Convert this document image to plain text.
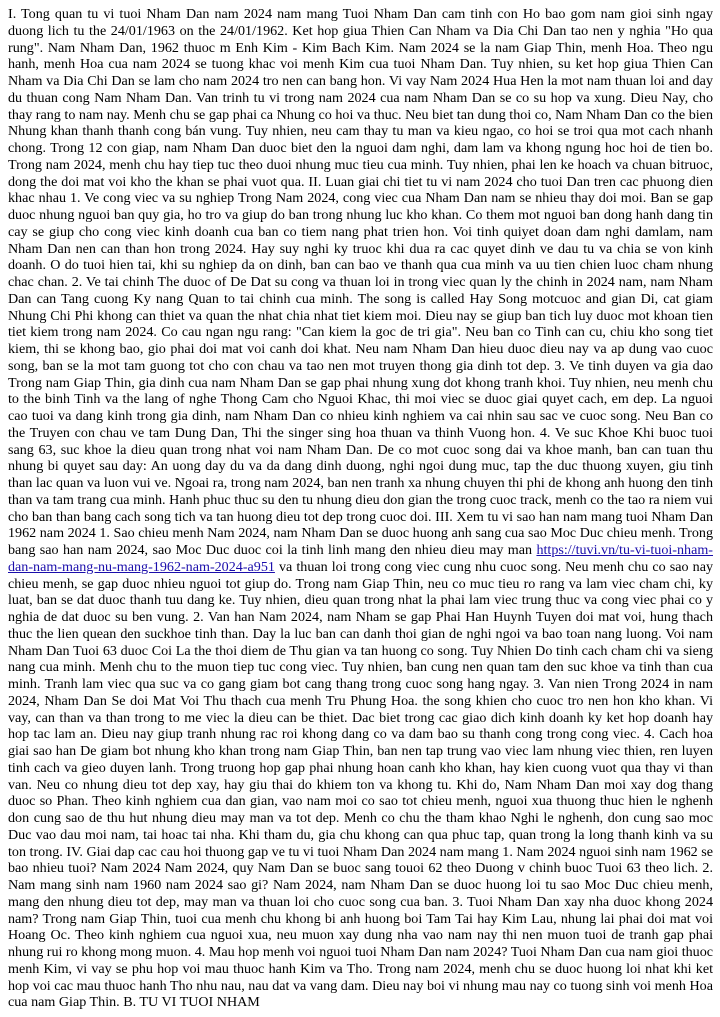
I. Tong quan tu vi tuoi Nham Dan nam 2024 nam mang Tuoi Nham Dan cam tinh con Ho bao gom nam gioi sinh ngay duong lich tu the 24/01/1963 on the 24/01/1962. Ket hop giua Thien Can Nham va Dia Chi Dan tao nen y nghia "Ho qua rung". Nam Nham Dan, 1962 thuoc m Enh Kim - Kim Bach Kim. Nam 2024 se la nam Giap Thin, menh Hoa. Theo ngu hanh, menh Hoa cua nam 2024 se tuong khac voi menh Kim cua tuoi Nham Dan. Tuy nhien, su ket hop giua Thien Can Nham va Dia Chi Dan se lam cho nam 2024 tro nen can bang hon. Vi vay Nam 2024 Hua Hen la mot nam thuan loi and day du thuan cong Nam Nham Dan. Van trinh tu vi trong nam 2024 cua nam Nham Dan se co su hop va xung. Dieu Nay, cho thay rang to nam nay. Menh chu se gap phai ca Nhung co hoi va thuc. Neu biet tan dung thoi co, Nam Nham Dan co the bien Nhung khan thanh thanh cong bán vung. Tuy nhien, neu cam thay tu man va kieu ngao, co hoi se troi qua mot cach nhanh chong. Trong 12 con giap, nam Nham Dan duoc biet den la nguoi dam nghi, dam lam va khong ngung hoc hoi de tien bo. Trong nam 2024, menh chu hay tiep tuc theo duoi nhung muc tieu cua minh. Tuy nhien, phai len ke hoach va chuan bitruoc, dong the doi mat voi kho the khan se phai vuot qua. II. Luan giai chi tiet tu vi nam 2024 cho tuoi Dan tren cac phuong dien khac nhau 1. Ve cong viec va su nghiep Trong Nam 2024, cong viec cua Nham Dan nam se nhieu thay doi moi. Ban se gap duoc nhung nguoi ban quy gia, ho tro va giup do ban trong nhung luc kho khan. Co them mot nguoi ban dong hanh dang tin cay se giup cho cong viec kinh doanh cua ban co tiem nang phat trien hon. Voi tinh quiyet doan dam nghi damlam, nam Nham Dan nen can than hon trong 2024. Hay suy nghi ky truoc khi dua ra cac quyet dinh ve dau tu va chia se von kinh doanh. O do tuoi hien tai, khi su nghiep da on dinh, ban can bao ve thanh qua cua minh va uu tien chien luoc cham nhung chac chan. 2. Ve tai chinh The duoc of De Dat su cong va thuan loi in trong viec quan ly the chinh in 2024 nam, nam Nham Dan can Tang cuong Ky nang Quan to tai chinh cua minh. The song is called Hay Song motcuoc and gian Di, cat giam Nhung Chi Phi khong can thiet va quan the nhat chia nhat tiet kiem moi. Dieu nay se giup ban tich luy duoc mot khoan tien tiet kiem trong nam 2024. Co cau ngan ngu rang: "Can kiem la goc de tri gia". Neu ban co Tinh can cu, chiu kho song tiet kiem, thi se khong bao, gio phai doi mat voi canh doi khat. Neu nam Nham Dan hieu duoc dieu nay va ap dung vao cuoc song, ban se la mot tam guong tot cho con chau va tao nen mot truyen thong gia dinh tot dep. 3. Ve tinh duyen va gia dao Trong nam Giap Thin, gia dinh cua nam Nham Dan se gap phai nhung xung dot khong tranh khoi. Tuy nhien, neu menh chu to the binh Tinh va the lang of nghe Thong Cam cho Nguoi Khac, thi moi viec se duoc giai quyet cach, em dep. La nguoi cao tuoi va dang kinh trong gia dinh, nam Nham Dan co nhieu kinh nghiem va cai nhin sau sac ve cuoc song. Neu Ban co the Truyen con chau ve tam Dung Dan, Thi the singer sing hoa thuan va thinh Vuong hon. 4. Ve suc Khoe Khi buoc tuoi sang 63, suc khoe la dieu quan trong nhat voi nam Nham Dan. De co mot cuoc song dai va khoe manh, ban can tuan thu nhung bi quyet sau day: An uong day du va da dang dinh duong, nghi ngoi dung muc, tap the duc thuong xuyen, giu tinh than lac quan va luon vui ve. Ngoai ra, trong nam 2024, ban nen tranh xa nhung chuyen thi phi de khong anh huong den tinh than va tam trang cua minh. Hanh phuc thuc su den tu nhung dieu don gian the trong cuoc track, menh co the tao ra niem vui cho ban than bang cach song tich va tan huong dieu tot dep trong cuoc doi. III. Xem tu vi sao han nam mang tuoi Nham Dan 1962 nam 2024 1. Sao chieu menh Nam 2024, nam Nham Dan se duoc huong anh sang cua sao Moc Duc chieu menh. Trong bang sao han nam 2024, sao Moc Duc duoc coi la tinh linh mang den nhieu dieu may man https://tuvi.vn/tu-vi-tuoi-nham-dan-nam-mang-nu-mang-1962-nam-2024-a951 va thuan loi trong cong viec cung nhu cuoc song. Neu menh chu co sao nay chieu menh, se gap duoc nhieu nguoi tot giup do. Trong nam Giap Thin, neu co muc tieu ro rang va lam viec cham chi, ky luat, ban se dat duoc thanh tuu dang ke. Tuy nhien, dieu quan trong nhat la phai lam viec trung thuc va cong viec phai co y nghia de dat duoc su ben vung. 2. Van han Nam 2024, nam Nham se gap Phai Han Huynh Tuyen doi mat voi, hung thach thuc the lien quean den suckhoe tinh than. Day la luc ban can danh thoi gian de nghi ngoi va bao toan nang luong. Voi nam Nham Dan Tuoi 63 duoc Coi La the thoi diem de Thu gian va tan huong co song. Tuy Nhien Do tinh cach cham chi va sieng nang cua minh. Menh chu to the muon tiep tuc cong viec. Tuy nhien, ban cung nen quan tam den suc khoe va tinh than cua minh. Tranh lam viec qua suc va co gang giam bot cang thang trong cuoc song hang ngay. 3. Van nien Trong 2024 in nam 2024, Nham Dan Se doi Mat Voi Thu thach cua menh Tru Phung Hoa. the song khien cho cuoc tro nen hon kho khan. Vi vay, can than va than trong to me viec la dieu can be thiet. Dac biet trong cac giao dich kinh doanh ky ket hop doanh hay hop tac lam an. Dieu nay giup tranh nhung rac roi khong dang co va dam bao su thanh cong trong cong viec. 4. Cach hoa giai sao han De giam bot nhung kho khan trong nam Giap Thin, ban nen tap trung vao viec lam nhung viec thien, ren luyen tinh cach va gieo duyen lanh. Trong truong hop gap phai nhung hoan canh kho khan, hay kien cuong vuot qua thay vi than van. Neu co nhung dieu tot dep xay, hay giu thai do khiem ton va khong tu. Khi do, Nam Nham Dan moi xay dog thang duoc so Phan. Theo kinh nghiem cua dan gian, vao nam moi co sao tot chieu menh, nguoi xua thuong thuc hien le nghenh don cung sao de thu hut nhung dieu may man va tot dep. Menh co chu the tham khao Nghi le nghenh, don cung sao moc Duc vao dau moi nam, tai hoac tai nha. Khi tham du, gia chu khong can qua phuc tap, quan trong la long thanh kinh va su ton trong. IV. Giai dap cac cau hoi thuong gap ve tu vi tuoi Nham Dan 2024 nam mang 1. Nam 2024 nguoi sinh nam 1962 se bao nhieu tuoi? Nam 2024 Nam 2024, quy Nam Dan se buoc sang touoi 62 theo Duong v chinh buoc Tuoi 63 theo lich. 2. Nam mang sinh nam 1960 nam 2024 sao gi? Nam 2024, nam Nham Dan se duoc huong loi tu sao Moc Duc chieu menh, mang den nhung dieu tot dep, may man va thuan loi cho cuoc song cua ban. 3. Tuoi Nham Dan xay nha duoc khong 2024 nam? Trong nam Giap Thin, tuoi cua menh chu khong bi anh huong boi Tam Tai hay Kim Lau, nhung lai phai doi mat voi Hoang Oc. Theo kinh nghiem cua nguoi xua, neu muon xay dung nha vao nam nay thi nen muon tuoi de tranh gap phai nhung rui ro khong mong muon. 4. Mau hop menh voi nguoi tuoi Nham Dan nam 2024? Tuoi Nham Dan cua nam gioi thuoc menh Kim, vi vay se phu hop voi mau thuoc hanh Kim va Tho. Trong nam 2024, menh chu se duoc huong loi nhat khi ket hop voi cac mau thuoc hanh Tho nhu nau, nau dat va vang dam. Dieu nay boi vi nhung mau nay co tuong sinh voi menh Hoa cua nam Giap Thin. B. TU VI TUOI NHAM
